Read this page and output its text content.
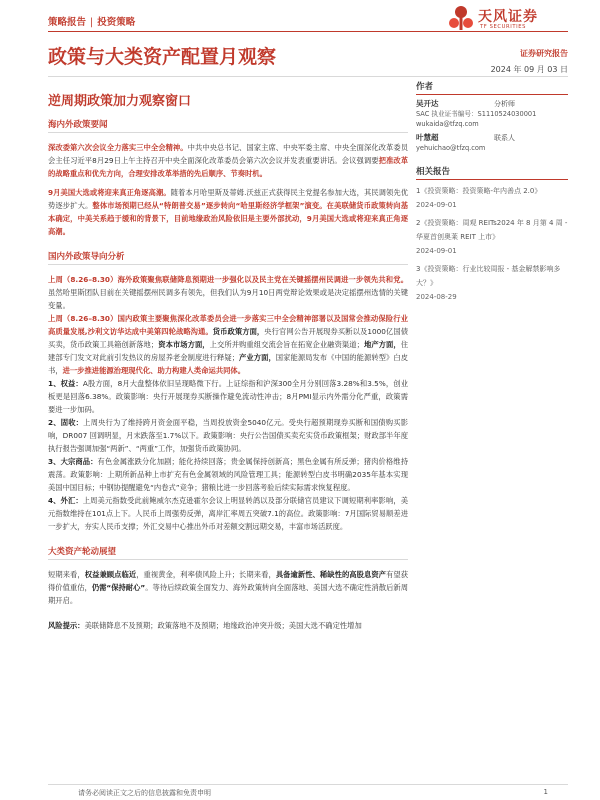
策略报告 | 投资策略	天风证券
TF SECURITIES
政策与大类资产配置月观察	证券研究报告
2024 年 09 月 03 日
逆周期政策加力观察窗口
作者
吴开达	分析师
SAC 执业证书编号：S1110524030001
wukaida@tfzq.com
叶慧超	联系人
yehuichao@tfzq.com
相关报告
1《投资策略：投资策略-年内善点 2.0》
2024-09-01
2《投资策略：周观 REITs2024 年 8 月第 4 周 - 华夏首创奥莱 REIT 上市》
2024-09-01
3《投资策略：行业比较周报 - 基金解禁影响多大？》
2024-08-29
海内外政策要闻

深改委第六次会议全力落实三中全会精神。中共中央总书记、国家主席、中央军委主席、中央全面深化改革委员会主任习近平8月29日上午主持召开中央全面深化改革委员会第六次会议并发表重要讲话。会议强调要把准改革的战略重点和优先方向，合理安排改革举措的先后顺序、节奏时机。

9月美国大选或将迎来真正角逐高潮。随着本月哈里斯及蒂姆.沃兹正式获得民主党提名参加大选，其民调领先优势逐步扩大。整体市场预期已经从“特朗普交易”逐步转向“哈里斯经济学框架”演变。在美联储货币政策转向基本确定，中美关系趋于缓和的背景下，目前地缘政治风险依旧是主要外部扰动，9月美国大选或将迎来真正角逐高潮。

国内外政策导向分析

上周（8.26–8.30）海外政策聚焦联储降息预期进一步强化以及民主党在关键摇摆州民调进一步领先共和党。虽然哈里斯团队目前在关键摇摆州民调多有领先，但我们认为9月10日两党辩论效果或是决定摇摆州选情的关键变量。

上周（8.26–8.30）国内政策主要聚焦深化改革委员会进一步落实三中全会精神部署以及国常会推动保险行业高质量发展,沙利文访华达成中美第四轮战略沟通。货币政策方面，央行官网公告开展现券买断以及1000亿国债买卖，货币政策工具箱创新落地；资本市场方面，上交所并购重组交流会旨在拓宽企业融资渠道；地产方面，住建部专门发文对此前引发热议的房屋养老金制度进行释疑；产业方面，国家能源局发布《中国的能源转型》白皮书，进一步推进能源治理现代化、助力构建人类命运共同体。

1、权益：A股方面，8月大盘整体依旧呈现略微下行。上证综指和沪深300全月分别回落3.28%和3.5%，创业板更是回落6.38%。政策影响：央行开展现券买断操作避免流动性冲击；8月PMI显示内外需分化严重，政策需要进一步加码。

2、固收：上周央行为了维持跨月资金面平稳，当周投放资金5040亿元。受央行超预期现券买断和国债购买影响，DR007 回调明显，月末跌落至1.7%以下。政策影响：央行公告国债买卖充实货币政策框架；财政部半年度执行报告强调加强“两新”、“两重”工作，加强货币政策协同。

3、大宗商品：有色金属涨跌分化加剧；能化持续回落；贵金属保持创新高；黑色金属有所反弹；猪肉价格维持震荡。政策影响：上期所新品种上市扩充有色金属领域的风险管理工具；能源转型白皮书明确2035年基本实现美国中国目标；中钢协提醒避免“内卷式”竞争；猪粮比进一步回落考验后续实际需求恢复程度。

4、外汇：上周美元指数受此前鲍威尔杰克逊霍尔会议上明显转鸽以及部分联储官员建议下调短期利率影响，美元指数维持在101点上下。人民币上周强势反弹，离岸汇率周五突破7.1的高位。政策影响：7月国际贸易顺差进一步扩大，夯实人民币支撑；外汇交易中心推出外币对差额交割远期交易，丰富市场活跃度。

大类资产轮动展望

短期来看，权益兼顾点临近，重视黄金，利率债风险上升；长期来看，具备逾新性、稀缺性的高股息资产有望获得价值重估，仍需“保持耐心”。等待后续政策全面发力、海外政策转向全面落地、美国大选不确定性消散后新周期开启。

风险提示：美联储降息不及预期；政策落地不及预期；地缘政治冲突升级；美国大选不确定性增加

请务必阅读正文之后的信息披露和免责申明	1
